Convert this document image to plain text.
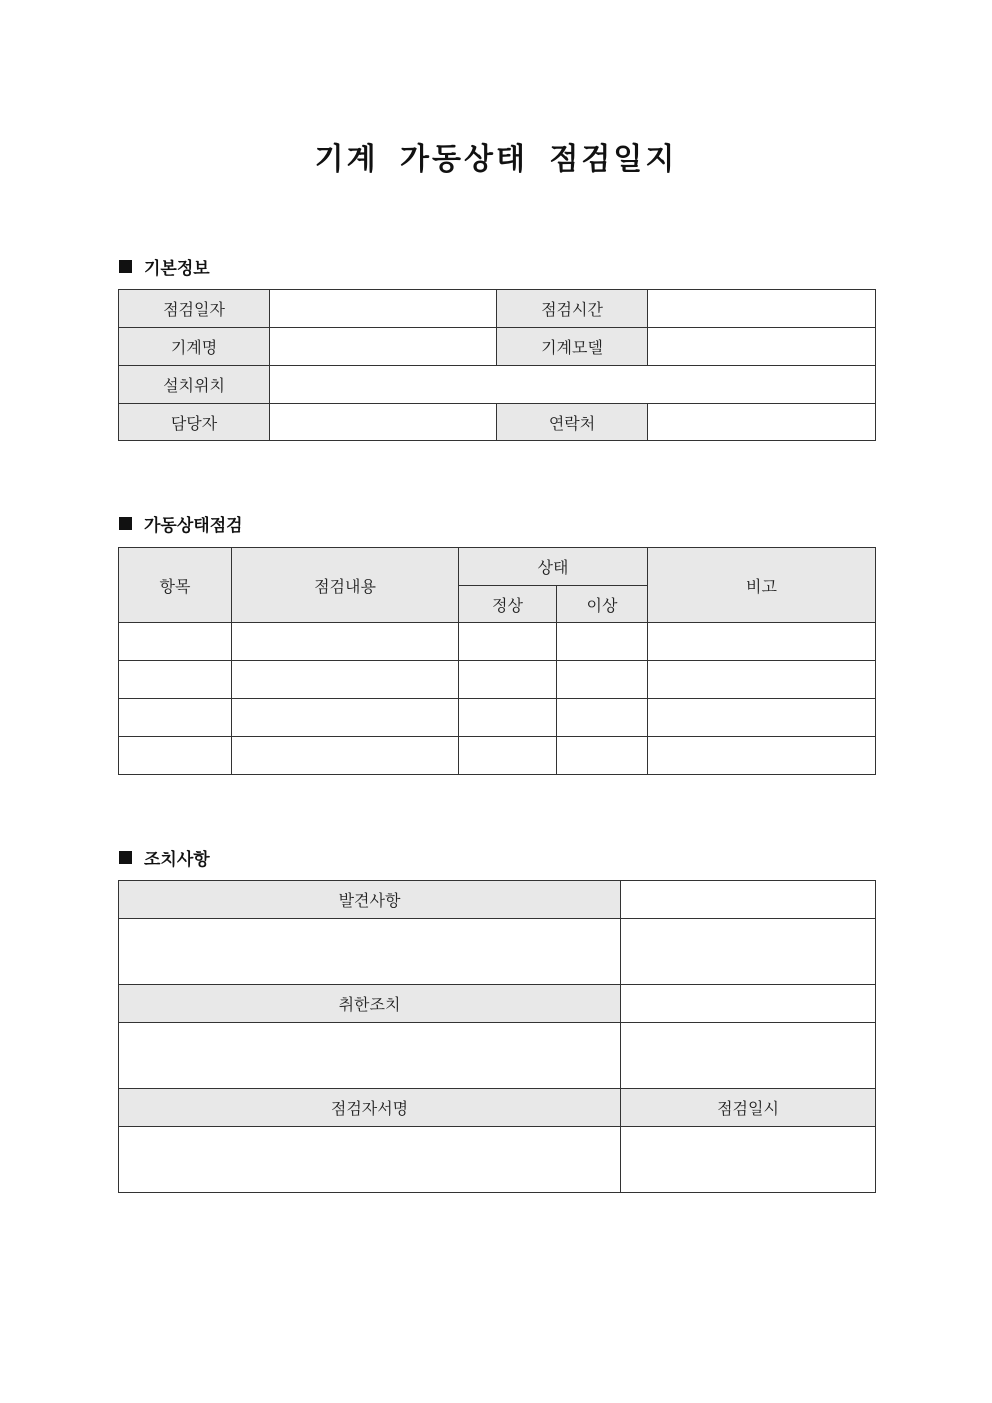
기계 가동상태 점검일지
기본정보
점검일자		점검시간	
기계명		기계모델	
설치위치			
담당자		연락처	
가동상태점검
항목	점검내용	상태		비고
		정상	이상	

조치사항
발견사항	

취한조치	

점검자서명	점검일시
